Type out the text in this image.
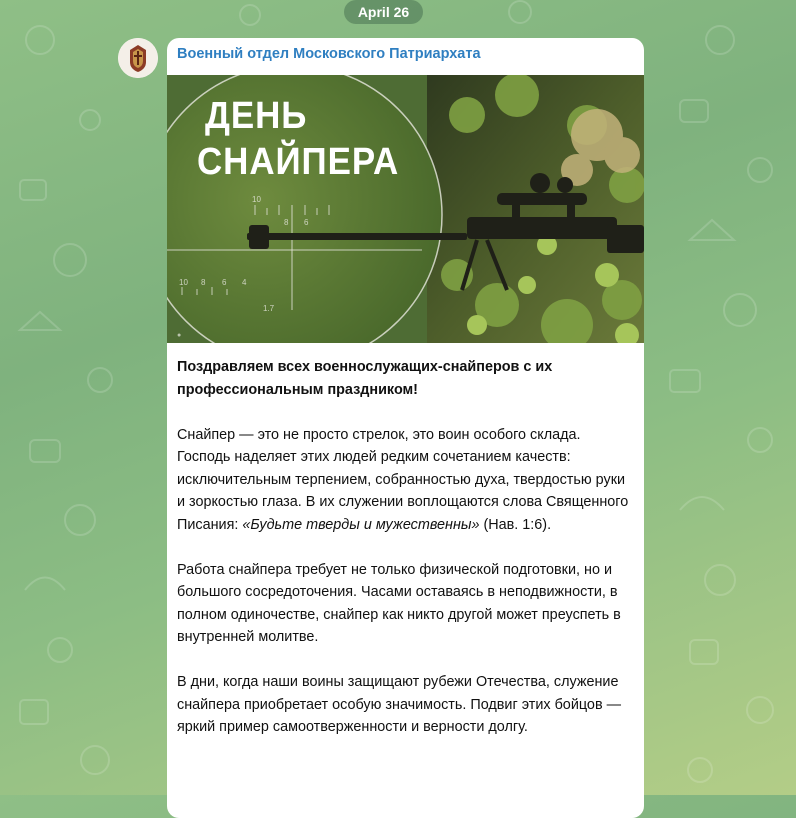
April 26
Военный отдел Московского Патриархата
10
8 6
10 8 6 4
1.7
●
ДЕНЬ
СНАЙПЕРА

Поздравляем всех военнослужащих-снайперов с их профессиональным праздником!

Снайпер — это не просто стрелок, это воин особого склада. Господь наделяет этих людей редким сочетанием качеств: исключительным терпением, собранностью духа, твердостью руки и зоркостью глаза. В их служении воплощаются слова Священного Писания: «Будьте тверды и мужественны» (Нав. 1:6).

Работа снайпера требует не только физической подготовки, но и большого сосредоточения. Часами оставаясь в неподвижности, в полном одиночестве, снайпер как никто другой может преуспеть в внутренней молитве.

В дни, когда наши воины защищают рубежи Отечества, служение снайпера приобретает особую значимость. Подвиг этих бойцов — яркий пример самоотверженности и верности долгу.
